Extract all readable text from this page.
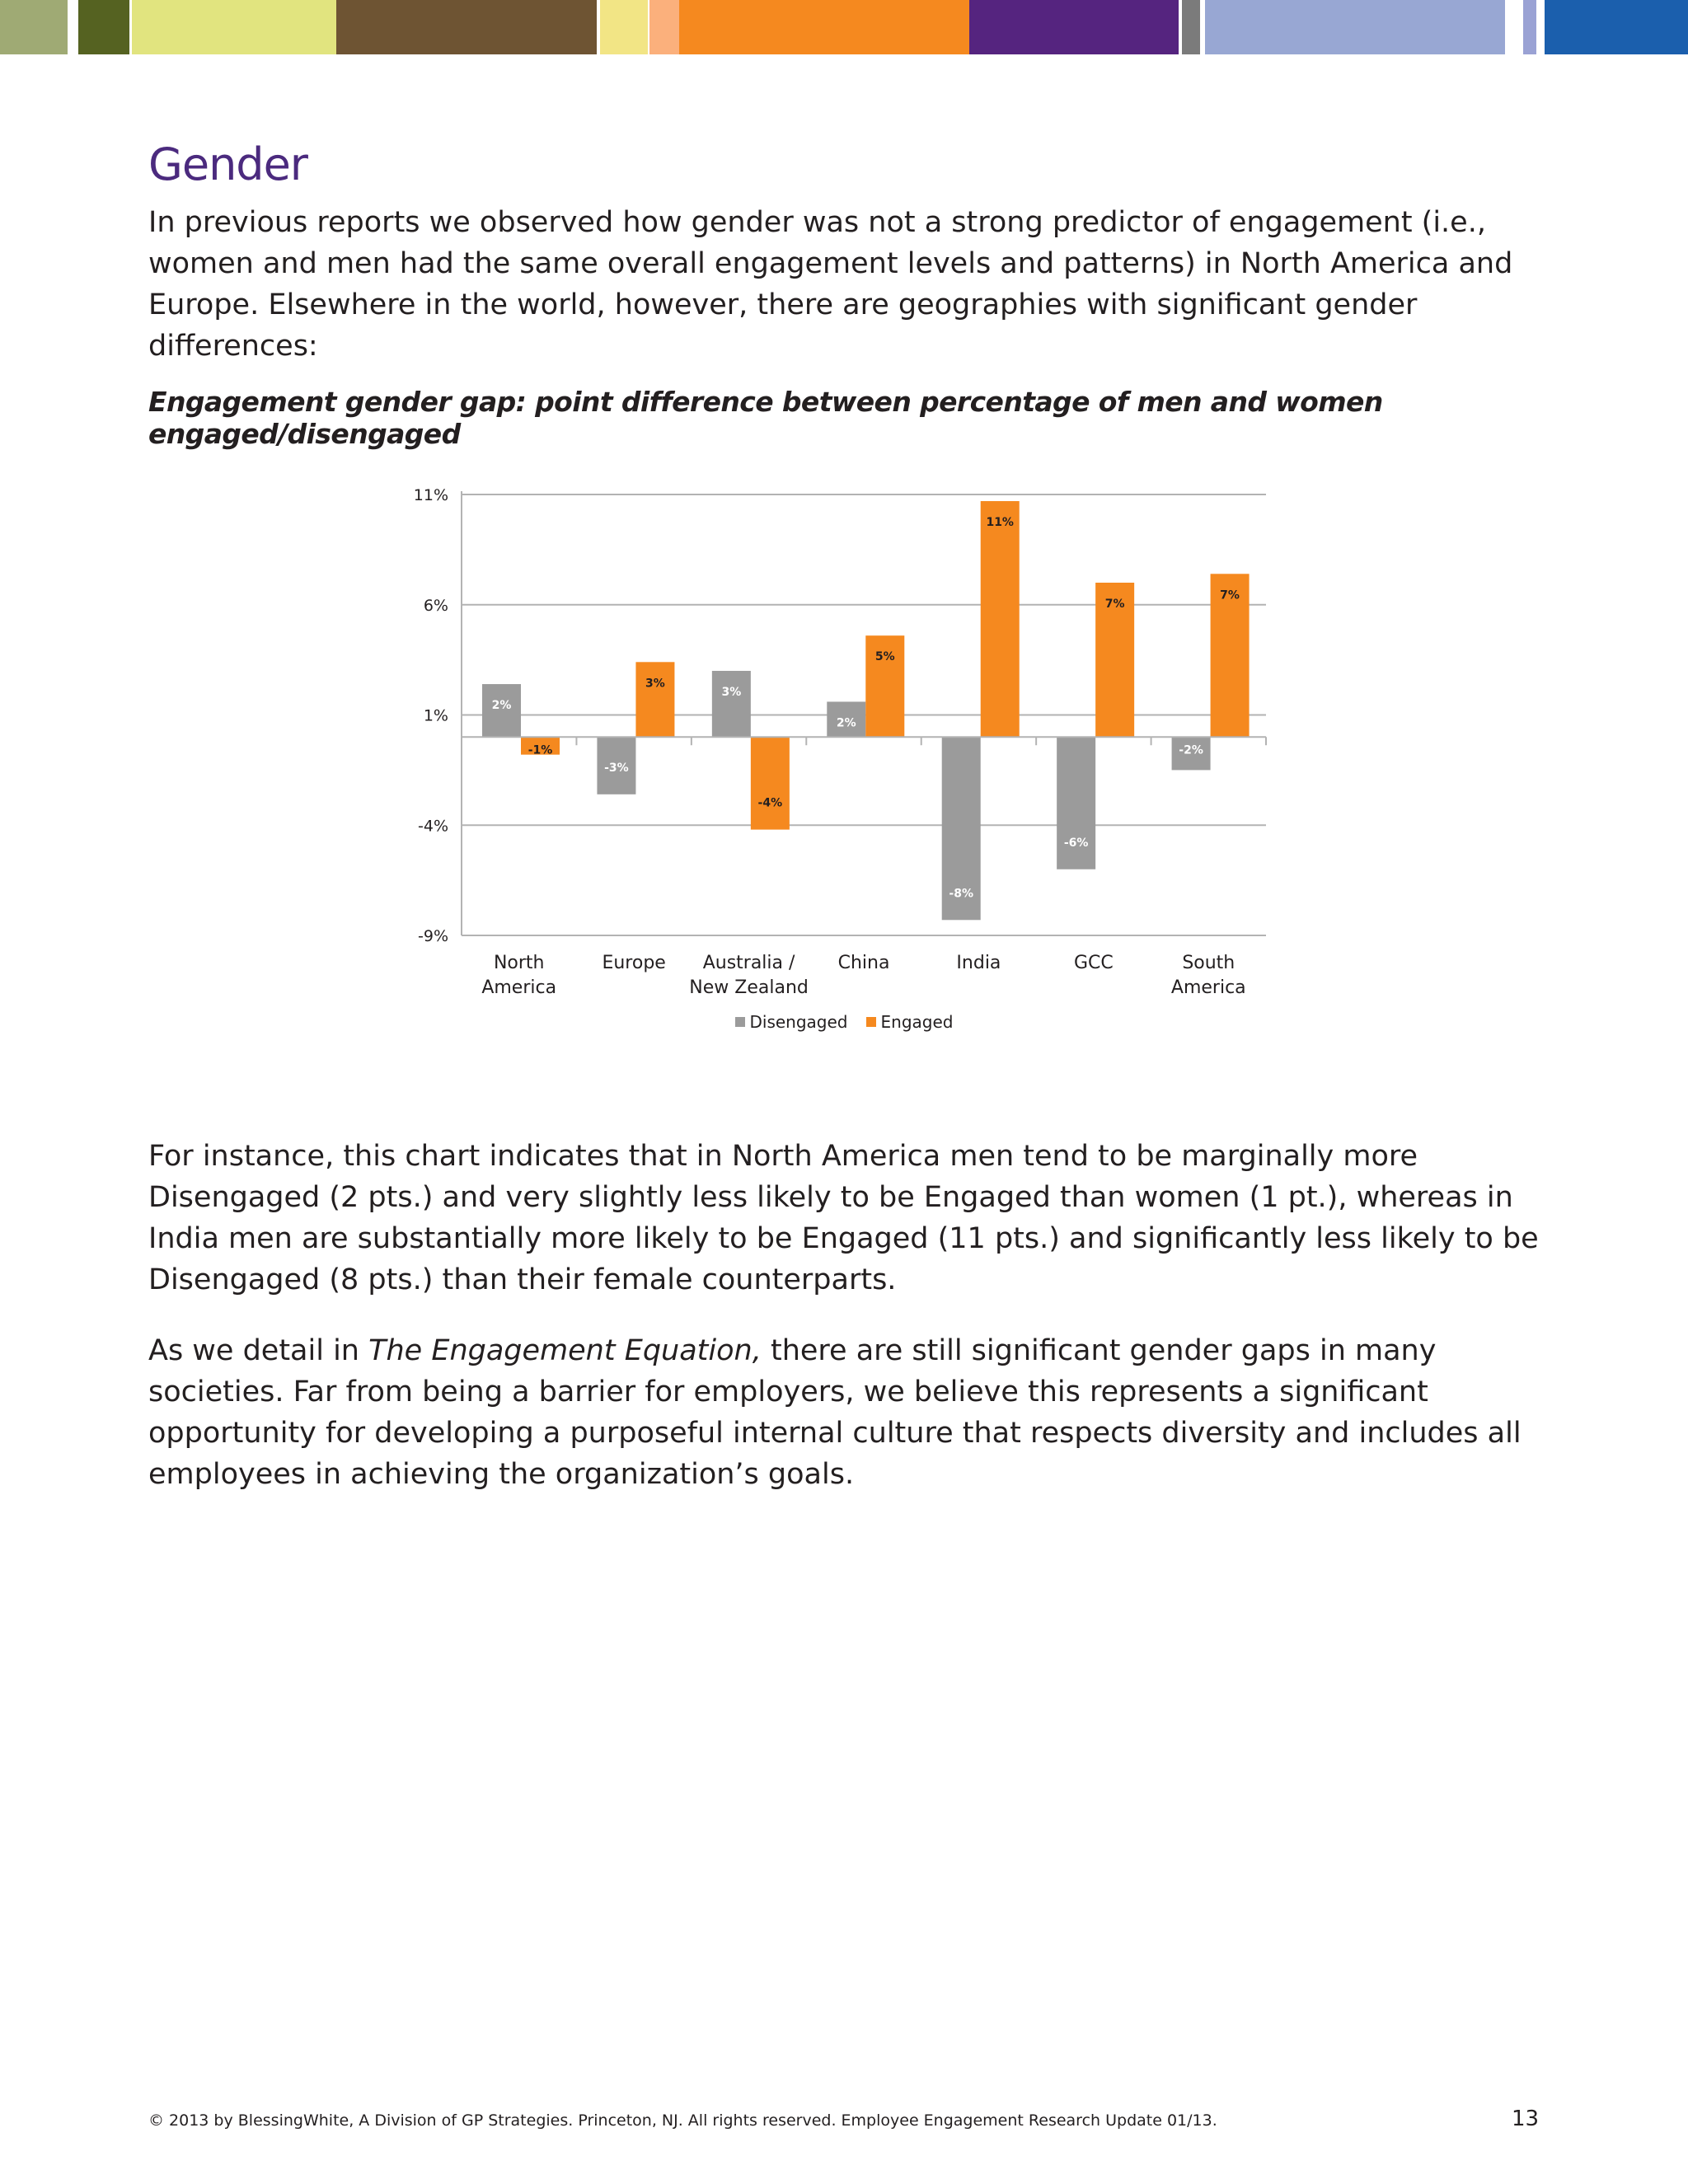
Gender

In previous reports we observed how gender was not a strong predictor of engagement (i.e., women and men had the same overall engagement levels and patterns) in North America and Europe. Elsewhere in the world, however, there are geographies with significant gender differences:

Engagement gender gap: point difference between percentage of men and women engaged/disengaged
11%
6%
1%
-4%
-9%
2%
-1%
-3%
3%
3%
-4%
2%
5%
-8%
11%
-6%
7%
-2%
7%
North America
Europe	Australia / New Zealand
China	India	GCC	South America
Disengaged Engaged

For instance, this chart indicates that in North America men tend to be marginally more Disengaged (2 pts.) and very slightly less likely to be Engaged than women (1 pt.), whereas in India men are substantially more likely to be Engaged (11 pts.) and significantly less likely to be Disengaged (8 pts.) than their female counterparts.

As we detail in The Engagement Equation, there are still significant gender gaps in many societies. Far from being a barrier for employers, we believe this represents a significant opportunity for developing a purposeful internal culture that respects diversity and includes all employees in achieving the organization’s goals.

© 2013 by BlessingWhite, A Division of GP Strategies. Princeton, NJ. All rights reserved. Employee Engagement Research Update 01/13.	13
